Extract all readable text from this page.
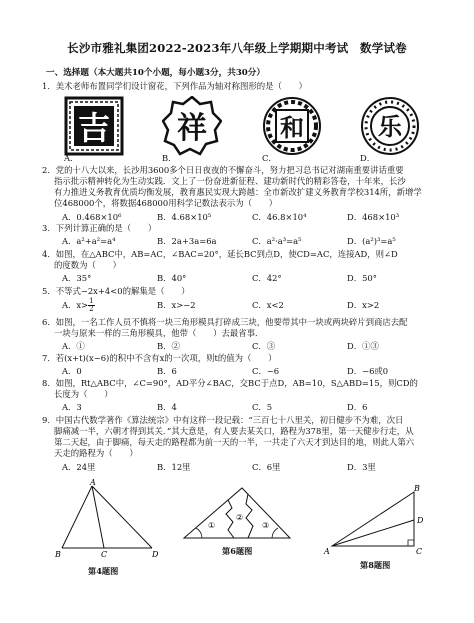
长沙市雅礼集团2022-2023年八年级上学期期中考试　数学试卷
一、选择题（本大题共10个小题，每小题3分，共30分）
1．美术老师布置同学们设计窗花，下列作品为轴对称图形的是（　　）
吉 祥	和	乐
A．	B．	C．	D．
2．党的十八大以来，长沙用3600多个日日夜夜的不懈奋斗，努力把习总书记对湖南重要讲话重要
指示批示精神转化为生动实践．文上了一份奋进新征程、建功新时代的精彩答卷，十年来，长沙
有力推进义务教育优质均衡发展，教育惠民实现大跨越：全市新改扩建义务教育学校314所，新增学
位468000个，将数据468000用科学记数法表示为（　　）
A．0.468×10⁶	B．4.68×10⁵	C．46.8×10⁴	D．468×10³
3．下列计算正确的是（　　）
A．a²+a²=a⁴	B．2a+3a=6a	C．a²·a³=a⁵	D．(a²)³=a⁵
4．如图，在△ABC中，AB=AC，∠BAC=20°，延长BC到点D，使CD=AC，连接AD，则∠D
的度数为（　　）
A．35°	B．40°	C．42°	D．50°
5．不等式−2x+4<0的解集是（　　）
A．$x> \frac{1}{2}$	B．x>−2	C．x<2	D．x>2
6．如图，一名工作人员不慎将一块三角形模具打碎成三块，他要带其中一块或两块碎片到商店去配
一块与原来一样的三角形模具，他带（　　）去最省事．
A．①	B．②	C．③	D．①③
7．若(x+t)(x−6)的积中不含有x的一次项，则t的值为（　　）
A．0	B．6	C．−6	D．−6或0
8．如图，Rt△ABC中，∠C=90°，AD平分∠BAC，交BC于点D，AB=10，S△ABD=15，则CD的
长度为（　　）
A．3	B．4	C．5	D．6
9．中国古代数学著作《算法统宗》中有这样一段记载：“三百七十八里关，初日健步不为难，次日
脚痛减一半，六朝才得到其关．”其大意是，有人要去某关口，路程为378里，第一天健步行走，从
第二天起，由于脚痛，每天走的路程都为前一天的一半，一共走了六天才到达目的地，则此人第六
天走的路程为（　　）
A．24里	B．12里	C．6里	D．3里
A
B	C	D
第4题图
①
②
③
第6题图
B
A	C
D
第8题图
